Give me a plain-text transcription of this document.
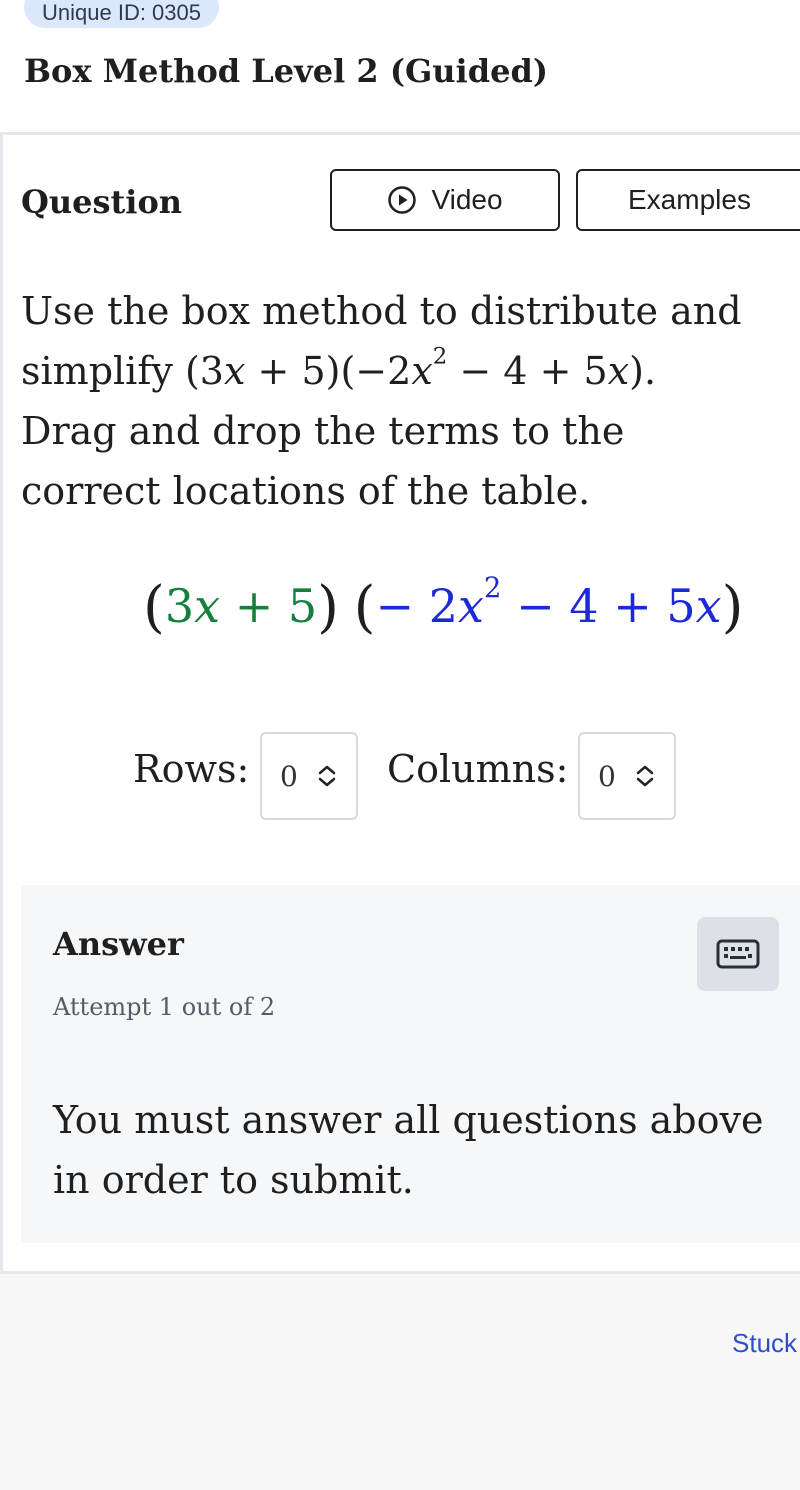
Unique ID: 0305
Box Method Level 2 (Guided)
Question	Video	Examples
Use the box method to distribute and
simplify $(3x + 5)(-2x^2 - 4 + 5x)$.
Drag and drop the terms to the correct locations of the table.
(3x + 5) (− $2x^2 - 4 + 5x$)
Rows: 0 Columns: 0
Answer
Attempt 1 out of 2
You must answer all questions above in order to submit.
Stuck
